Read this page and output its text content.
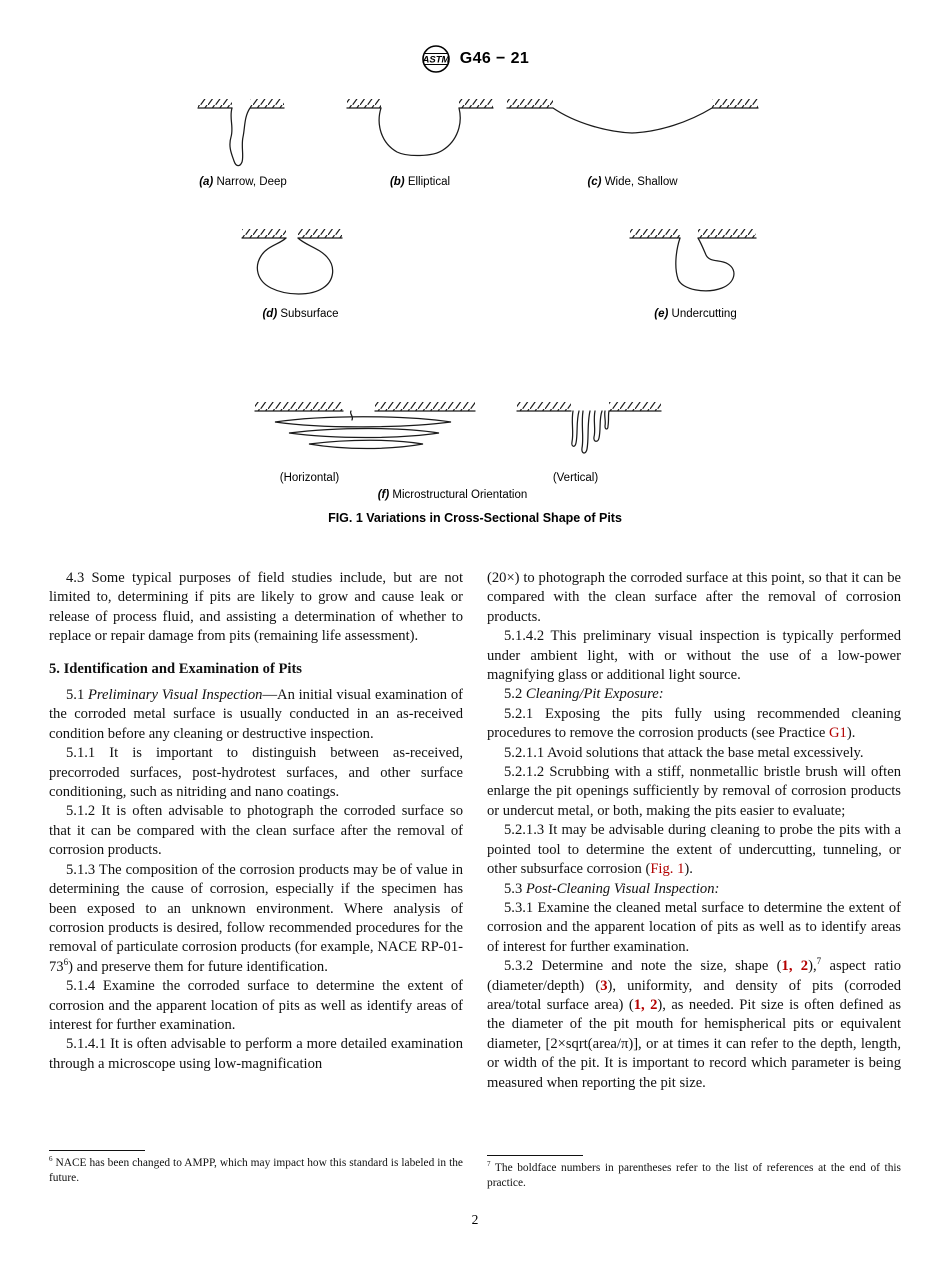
ASTM G46 − 21
(a) Narrow, Deep	(b) Elliptical	(c) Wide, Shallow
(d) Subsurface	(e) Undercutting
(Horizontal)	(Vertical)
(f) Microstructural Orientation
FIG. 1 Variations in Cross-Sectional Shape of Pits

4.3 Some typical purposes of field studies include, but are not limited to, determining if pits are likely to grow and cause leak or release of process fluid, and assisting a determination of whether to replace or repair damage from pits (remaining life assessment).

5. Identification and Examination of Pits

5.1 Preliminary Visual Inspection—An initial visual examination of the corroded metal surface is usually conducted in an as-received condition before any cleaning or destructive inspection.

5.1.1 It is important to distinguish between as-received, precorroded surfaces, post-hydrotest surfaces, and other surface conditioning, such as nitriding and nano coatings.

5.1.2 It is often advisable to photograph the corroded surface so that it can be compared with the clean surface after the removal of corrosion products.

5.1.3 The composition of the corrosion products may be of value in determining the cause of corrosion, especially if the specimen has been exposed to an unknown environment. Where analysis of corrosion products is desired, follow recommended procedures for the removal of particulate corrosion products (for example, NACE $RP-01-73^6$) and preserve them for future identification.

5.1.4 Examine the corroded surface to determine the extent of corrosion and the apparent location of pits as well as identify areas of interest for further examination.

5.1.4.1 It is often advisable to perform a more detailed examination through a microscope using low-magnification

(20×) to photograph the corroded surface at this point, so that it can be compared with the clean surface after the removal of corrosion products.

5.1.4.2 This preliminary visual inspection is typically performed under ambient light, with or without the use of a low-power magnifying glass or additional light source.

5.2 Cleaning/Pit Exposure:

5.2.1 Exposing the pits fully using recommended cleaning procedures to remove the corrosion products (see Practice G1).

5.2.1.1 Avoid solutions that attack the base metal excessively.

5.2.1.2 Scrubbing with a stiff, nonmetallic bristle brush will often enlarge the pit openings sufficiently by removal of corrosion products or undercut metal, or both, making the pits easier to evaluate;

5.2.1.3 It may be advisable during cleaning to probe the pits with a pointed tool to determine the extent of undercutting, tunneling, or other subsurface corrosion (Fig. 1).

5.3 Post-Cleaning Visual Inspection:

5.3.1 Examine the cleaned metal surface to determine the extent of corrosion and the apparent location of pits as well as to identify areas of interest for further examination.

5.3.2 Determine and note the size, shape (1, 2),$^7$ aspect ratio (diameter/depth) (3), uniformity, and density of pits (corroded area/total surface area) (1, 2), as needed. Pit size is often defined as the diameter of the pit mouth for hemispherical pits or equivalent diameter, [2×sqrt(area/π)], or at times it can refer to the depth, length, or width of the pit. It is important to record which parameter is being measured when reporting the pit size.

$^6$ NACE has been changed to AMPP, which may impact how this standard is labeled in the future.
$^7$ The boldface numbers in parentheses refer to the list of references at the end of this practice.
2
